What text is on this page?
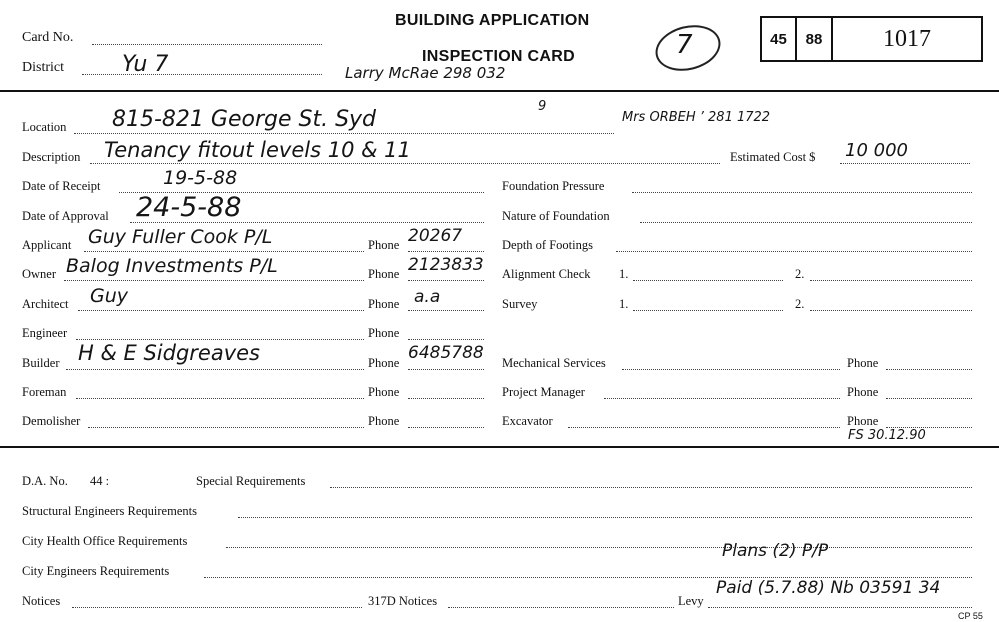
Card No.
District	Yu 7
BUILDING APPLICATION
INSPECTION CARD
Larry McRae 298 032
7	45	88	1017
9
Location 815-821 George St. Syd	Mrs ORBEH ’ 281 1722
Description Tenancy fitout levels 10 & 11	Estimated Cost $ 10 000
Date of Receipt	19-5-88
Date of Approval 24-5-88
Applicant Guy Fuller Cook P/L	Phone 20267
Owner Balog Investments P/L	Phone 2123833
Architect Guy	Phone a.a
Engineer	Phone
Builder H & E Sidgreaves	Phone 6485788
Foreman	Phone
Demolisher	Phone
Foundation Pressure
Nature of Foundation
Depth of Footings
Alignment Check 1.	2.
Survey	1.	2.
Mechanical Services	Phone
Project Manager	Phone
Excavator	Phone
FS 30.12.90
D.A. No. 44 :	Special Requirements
Structural Engineers Requirements
City Health Office Requirements	Plans (2) P/P
City Engineers Requirements
Notices	317D Notices	Levy
Paid (5.7.88) Nb 03591 34
CP 55
